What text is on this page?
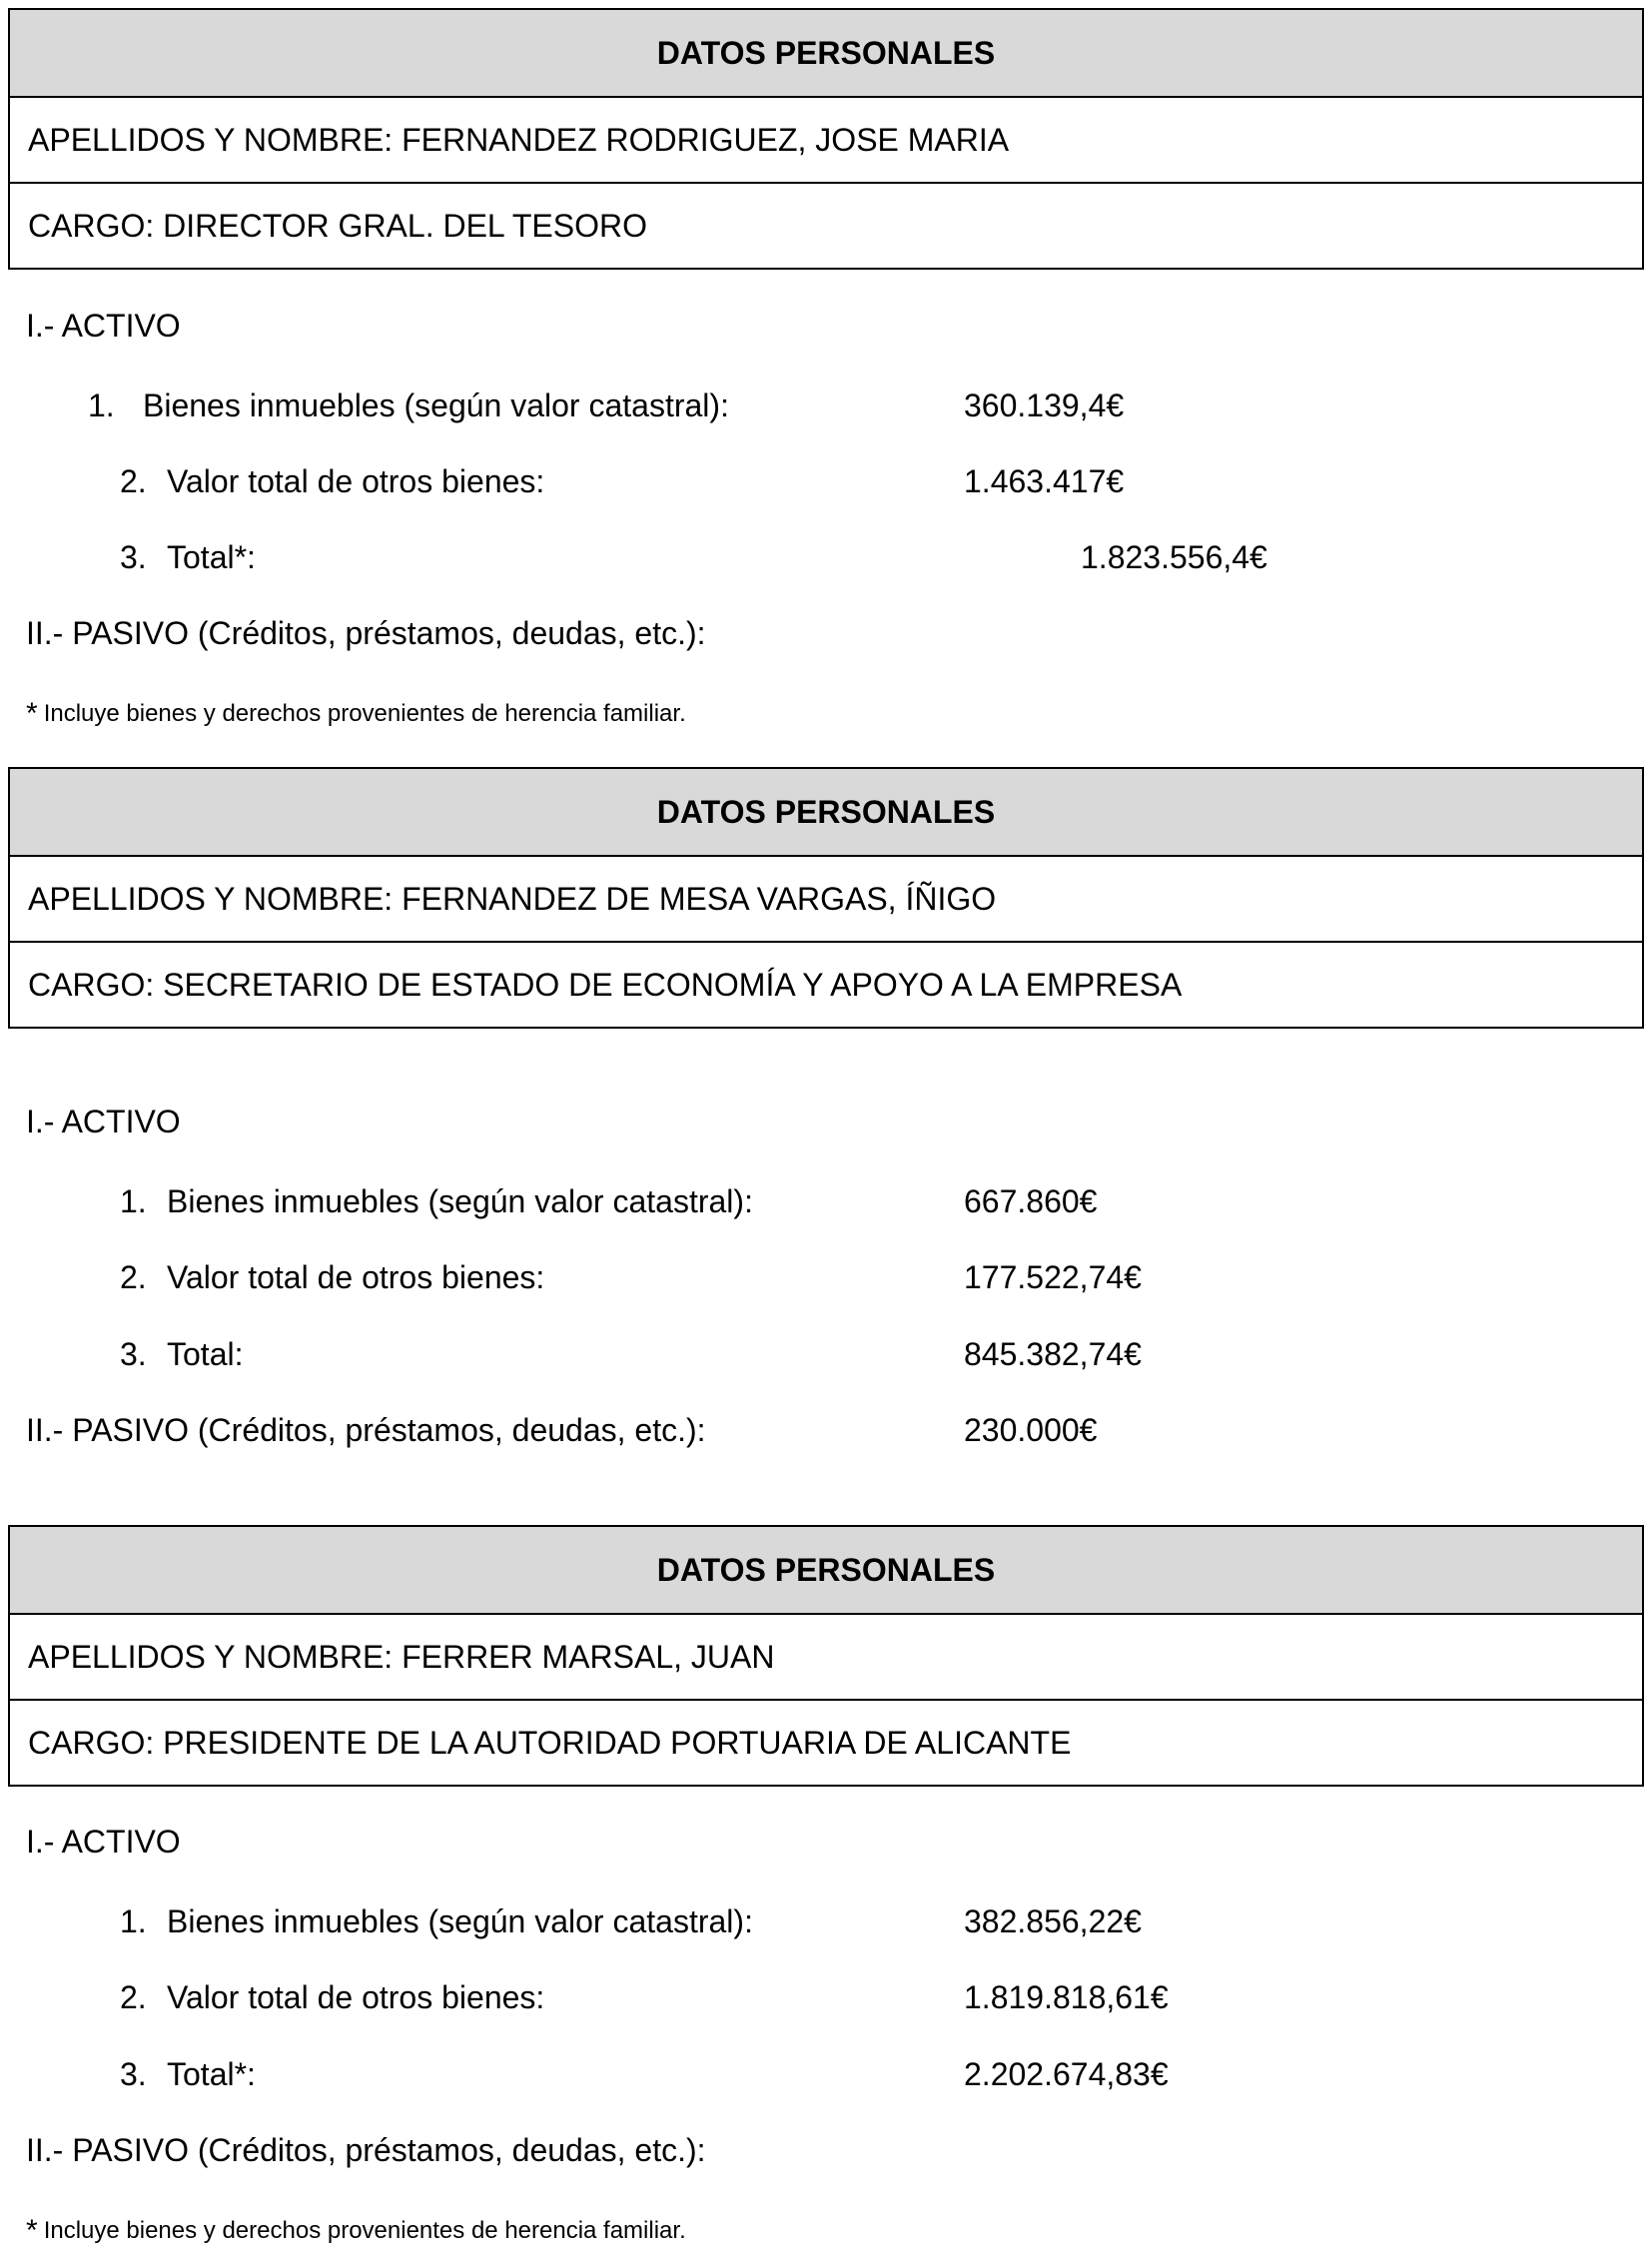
DATOS PERSONALES
APELLIDOS Y NOMBRE: FERNANDEZ RODRIGUEZ, JOSE MARIA
CARGO: DIRECTOR GRAL. DEL TESORO
I.- ACTIVO
1. Bienes inmuebles (según valor catastral):	360.139,4€
2. Valor total de otros bienes:	1.463.417€
3. Total*:	1.823.556,4€
II.- PASIVO (Créditos, préstamos, deudas, etc.):
* Incluye bienes y derechos provenientes de herencia familiar.
DATOS PERSONALES
APELLIDOS Y NOMBRE: FERNANDEZ DE MESA VARGAS, ÍÑIGO
CARGO: SECRETARIO DE ESTADO DE ECONOMÍA Y APOYO A LA EMPRESA
I.- ACTIVO
1. Bienes inmuebles (según valor catastral):	667.860€
2. Valor total de otros bienes:	177.522,74€
3. Total:	845.382,74€
II.- PASIVO (Créditos, préstamos, deudas, etc.):	230.000€
DATOS PERSONALES
APELLIDOS Y NOMBRE: FERRER MARSAL, JUAN
CARGO: PRESIDENTE DE LA AUTORIDAD PORTUARIA DE ALICANTE
I.- ACTIVO
1. Bienes inmuebles (según valor catastral):	382.856,22€
2. Valor total de otros bienes:	1.819.818,61€
3. Total*:	2.202.674,83€
II.- PASIVO (Créditos, préstamos, deudas, etc.):
* Incluye bienes y derechos provenientes de herencia familiar.
